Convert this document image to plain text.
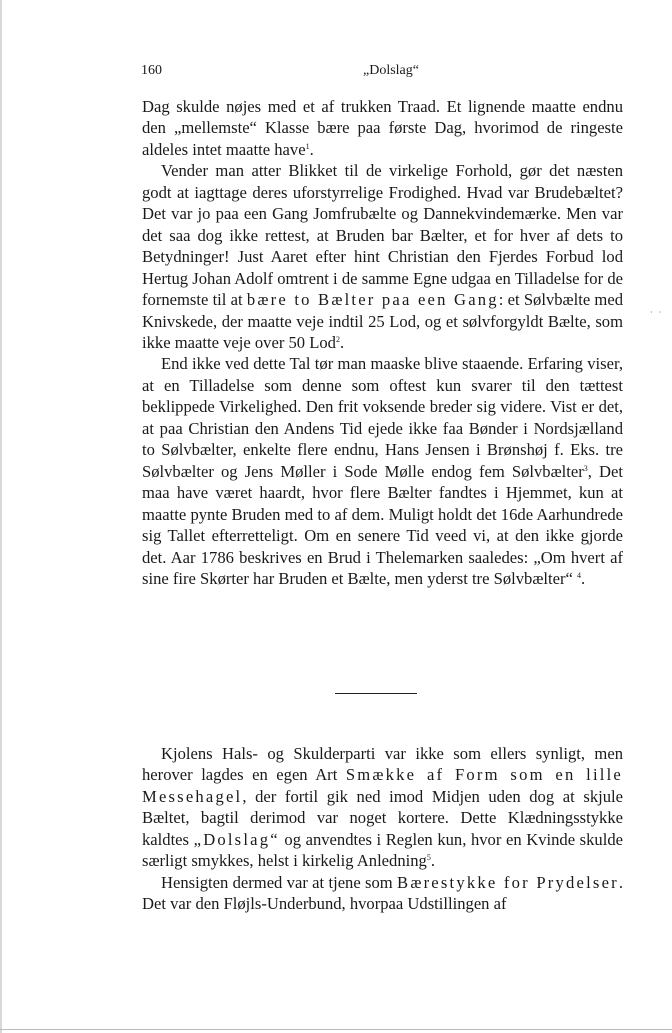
160	„Dolslag“
· ·

Dag skulde nøjes med et af trukken Traad. Et lignende maatte endnu den „mellemste“ Klasse bære paa første Dag, hvorimod de ringeste aldeles intet maatte have$^1$.

Vender man atter Blikket til de virkelige Forhold, gør det næsten godt at iagttage deres uforstyrrelige Frodighed. Hvad var Brudebæltet? Det var jo paa een Gang Jomfrubælte og Dannekvindemærke. Men var det saa dog ikke rettest, at Bruden bar Bælter, et for hver af dets to Betydninger! Just Aaret efter hint Christian den Fjerdes Forbud lod Hertug Johan Adolf omtrent i de samme Egne udgaa en Tilladelse for de fornemste til at bære to Bælter paa een Gang: et Sølvbælte med Knivskede, der maatte veje indtil 25 Lod, og et sølvforgyldt Bælte, som ikke maatte veje over 50 Lod$^2$.

End ikke ved dette Tal tør man maaske blive staaende. Erfaring viser, at en Tilladelse som denne som oftest kun svarer til den tættest beklippede Virkelighed. Den frit voksende breder sig videre. Vist er det, at paa Christian den Andens Tid ejede ikke faa Bønder i Nordsjælland to Sølvbælter, enkelte flere endnu, Hans Jensen i Brønshøj f. Eks. tre Sølvbælter og Jens Møller i Sode Mølle endog fem Sølvbælter$^3$, Det maa have været haardt, hvor flere Bælter fandtes i Hjemmet, kun at maatte pynte Bruden med to af dem. Muligt holdt det 16de Aarhundrede sig Tallet efterretteligt. Om en senere Tid veed vi, at den ikke gjorde det. Aar 1786 beskrives en Brud i Thelemarken saaledes: „Om hvert af sine fire Skørter har Bruden et Bælte, men yderst tre Sølvbælter“ $^4$.

Kjolens Hals- og Skulderparti var ikke som ellers synligt, men herover lagdes en egen Art Smække af Form som en lille Messehagel, der fortil gik ned imod Midjen uden dog at skjule Bæltet, bagtil derimod var noget kortere. Dette Klædningsstykke kaldtes „Dolslag“ og anvendtes i Reglen kun, hvor en Kvinde skulde særligt smykkes, helst i kirkelig Anledning$^5$.

Hensigten dermed var at tjene som Bærestykke for Prydelser. Det var den Fløjls-Underbund, hvorpaa Udstillingen af
